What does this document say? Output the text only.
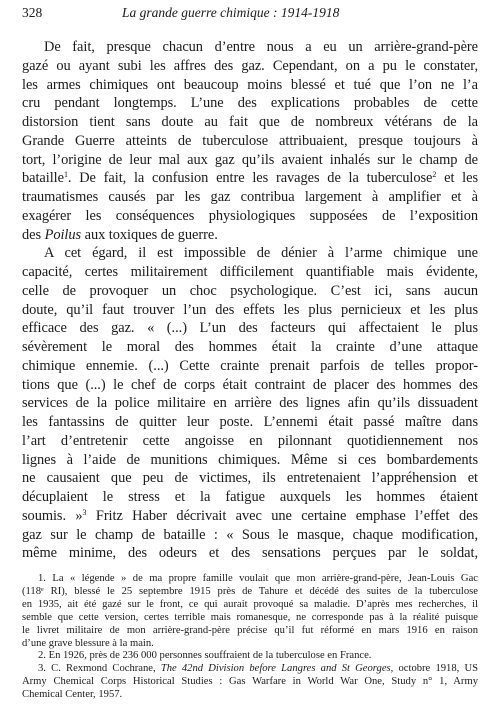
328	La grande guerre chimique : 1914-1918
De fait, presque chacun d’entre nous a eu un arrière-grand-père
gazé ou ayant subi les affres des gaz. Cependant, on a pu le constater,
les armes chimiques ont beaucoup moins blessé et tué que l’on ne l’a
cru pendant longtemps. L’une des explications probables de cette
distorsion tient sans doute au fait que de nombreux vétérans de la
Grande Guerre atteints de tuberculose attribuaient, presque toujours à
tort, l’origine de leur mal aux gaz qu’ils avaient inhalés sur le champ de
bataille$^1$. De fait, la confusion entre les ravages de la tuberculose$^2$ et les
traumatismes causés par les gaz contribua largement à amplifier et à
exagérer les conséquences physiologiques supposées de l’exposition
des Poilus aux toxiques de guerre.
A cet égard, il est impossible de dénier à l’arme chimique une
capacité, certes militairement difficilement quantifiable mais évidente,
celle de provoquer un choc psychologique. C’est ici, sans aucun
doute, qu’il faut trouver l’un des effets les plus pernicieux et les plus
efficace des gaz. « (...) L’un des facteurs qui affectaient le plus
sévèrement le moral des hommes était la crainte d’une attaque
chimique ennemie. (...) Cette crainte prenait parfois de telles propor-
tions que (...) le chef de corps était contraint de placer des hommes des
services de la police militaire en arrière des lignes afin qu’ils dissuadent
les fantassins de quitter leur poste. L’ennemi était passé maître dans
l’art d’entretenir cette angoisse en pilonnant quotidiennement nos
lignes à l’aide de munitions chimiques. Même si ces bombardements
ne causaient que peu de victimes, ils entretenaient l’appréhension et
décuplaient le stress et la fatigue auxquels les hommes étaient
soumis. »$^3$ Fritz Haber décrivait avec une certaine emphase l’effet des
gaz sur le champ de bataille : « Sous le masque, chaque modification,
même minime, des odeurs et des sensations perçues par le soldat,
1. La « légende » de ma propre famille voulait que mon arrière-grand-père, Jean-Louis Gac
(118ᵉ RI), blessé le 25 septembre 1915 près de Tahure et décédé des suites de la tuberculose
en 1935, ait été gazé sur le front, ce qui aurait provoqué sa maladie. D’après mes recherches, il
semble que cette version, certes terrible mais romanesque, ne corresponde pas à la réalité puisque
le livret militaire de mon arrière-grand-père précise qu’il fut réformé en mars 1916 en raison
d’une grave blessure à la main.
2. En 1926, près de 236 000 personnes souffraient de la tuberculose en France.
3. C. Rexmond Cochrane, The 42nd Division before Langres and St Georges, octobre 1918, US
Army Chemical Corps Historical Studies : Gas Warfare in World War One, Study n° 1, Army
Chemical Center, 1957.
